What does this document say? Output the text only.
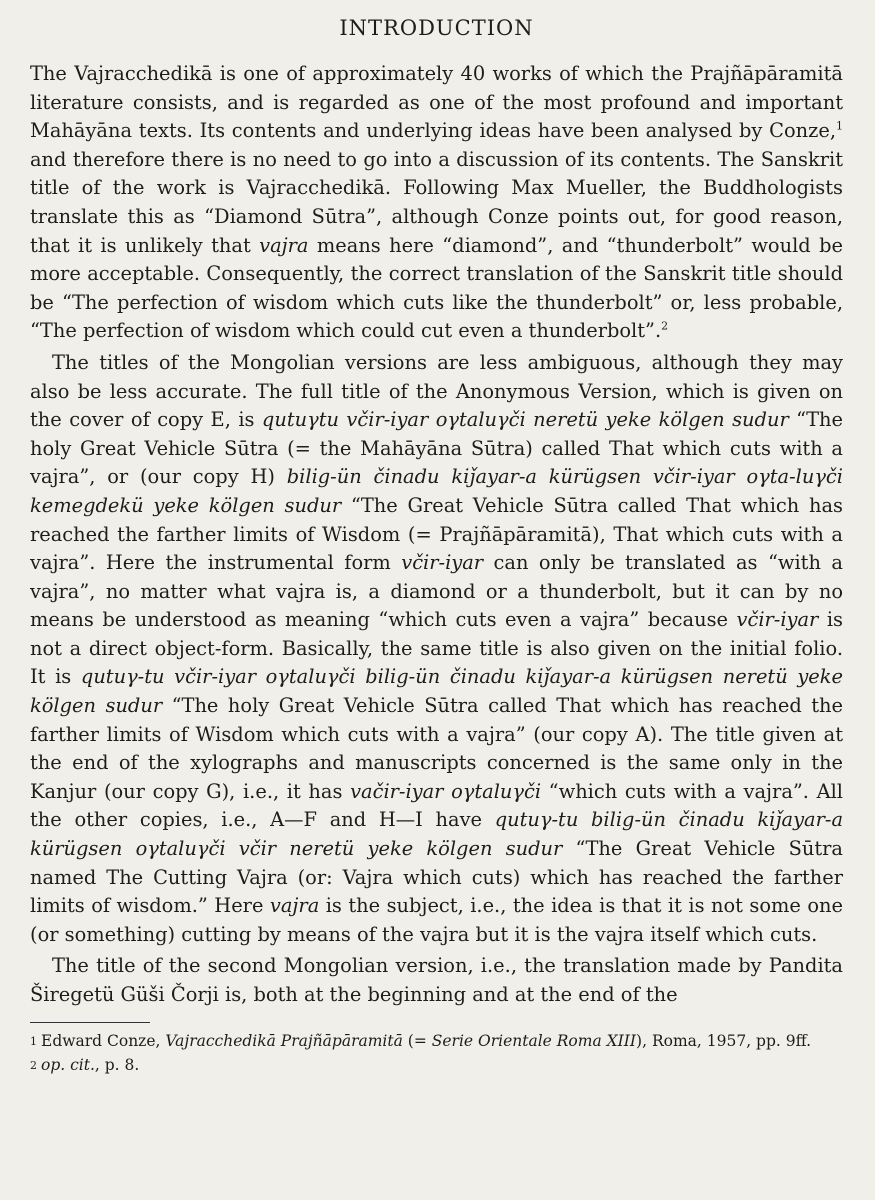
INTRODUCTION

The Vajracchedikā is one of approximately 40 works of which the Prajñāpāramitā literature consists, and is regarded as one of the most profound and important Mahāyāna texts. Its contents and underlying ideas have been analysed by Conze,$^1$ and therefore there is no need to go into a discussion of its contents. The Sanskrit title of the work is Vajracchedikā. Following Max Mueller, the Buddhologists translate this as “Diamond Sūtra”, although Conze points out, for good reason, that it is unlikely that vajra means here “diamond”, and “thunderbolt” would be more acceptable. Consequently, the correct translation of the Sanskrit title should be “The perfection of wisdom which cuts like the thunderbolt” or, less probable, “The perfection of wisdom which could cut even a thunderbolt”.$^2$

The titles of the Mongolian versions are less ambiguous, although they may also be less accurate. The full title of the Anonymous Version, which is given on the cover of copy E, is qutuγtu včir-iyar oγtaluγči neretü yeke kölgen sudur “The holy Great Vehicle Sūtra (= the Mahāyāna Sūtra) called That which cuts with a vajra”, or (our copy H) bilig-ün činadu kiǰayar-a kürügsen včir-iyar oγta-luγči kemegdekü yeke kölgen sudur “The Great Vehicle Sūtra called That which has reached the farther limits of Wisdom (= Prajñāpāramitā), That which cuts with a vajra”. Here the instrumental form včir-iyar can only be translated as “with a vajra”, no matter what vajra is, a diamond or a thunderbolt, but it can by no means be understood as meaning “which cuts even a vajra” because včir-iyar is not a direct object-form. Basically, the same title is also given on the initial folio. It is qutuγ-tu včir-iyar oγtaluγči bilig-ün činadu kiǰayar-a kürügsen neretü yeke kölgen sudur “The holy Great Vehicle Sūtra called That which has reached the farther limits of Wisdom which cuts with a vajra” (our copy A). The title given at the end of the xylographs and manuscripts concerned is the same only in the Kanjur (our copy G), i.e., it has vačir-iyar oγtaluγči “which cuts with a vajra”. All the other copies, i.e., A—F and H—I have qutuγ-tu bilig-ün činadu kiǰayar-a kürügsen oγtaluγči včir neretü yeke kölgen sudur “The Great Vehicle Sūtra named The Cutting Vajra (or: Vajra which cuts) which has reached the farther limits of wisdom.” Here vajra is the subject, i.e., the idea is that it is not some one (or something) cutting by means of the vajra but it is the vajra itself which cuts.

The title of the second Mongolian version, i.e., the translation made by Pandita Širegetü Güši Čorji is, both at the beginning and at the end of the

$^1$ Edward Conze, Vajracchedikā Prajñāpāramitā (= Serie Orientale Roma XIII), Roma, 1957, pp. 9ff.

$^2$ op. cit., p. 8.
